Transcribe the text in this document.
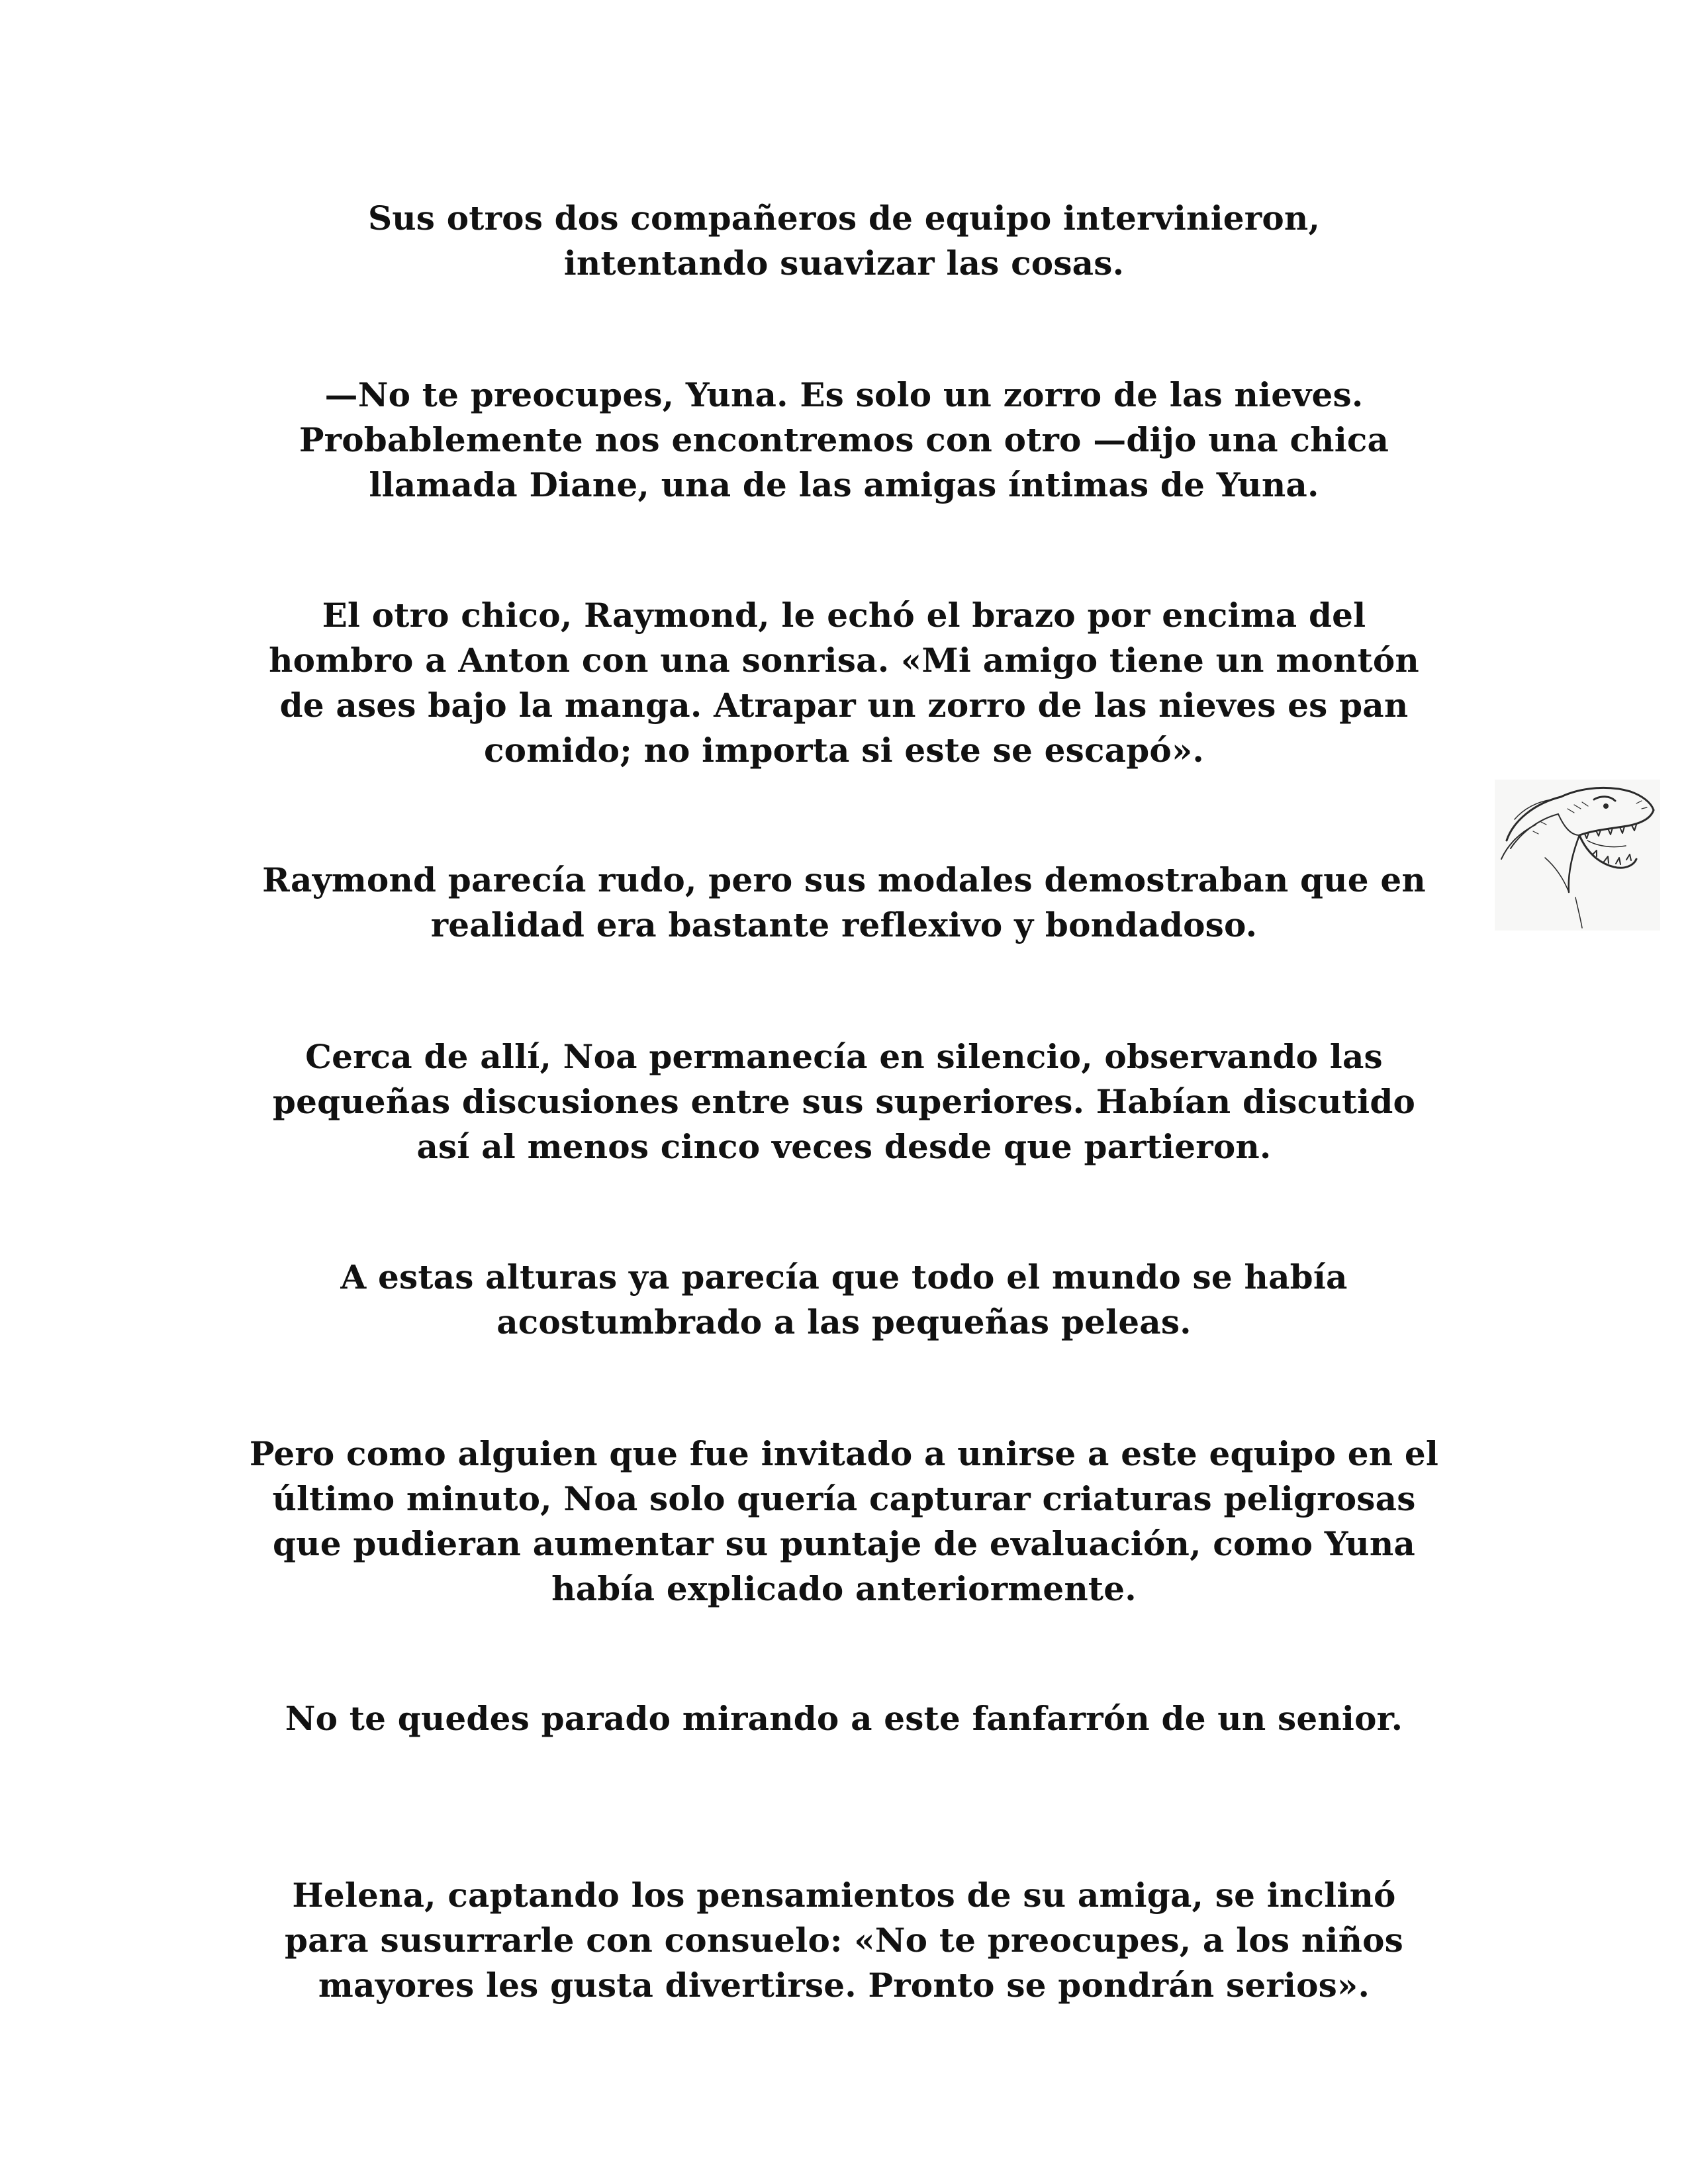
Sus otros dos compañeros de equipo intervinieron,
intentando suavizar las cosas.

—No te preocupes, Yuna. Es solo un zorro de las nieves.
Probablemente nos encontremos con otro —dijo una chica
llamada Diane, una de las amigas íntimas de Yuna.

El otro chico, Raymond, le echó el brazo por encima del
hombro a Anton con una sonrisa. «Mi amigo tiene un montón
de ases bajo la manga. Atrapar un zorro de las nieves es pan
comido; no importa si este se escapó».

Raymond parecía rudo, pero sus modales demostraban que en
realidad era bastante reflexivo y bondadoso.

Cerca de allí, Noa permanecía en silencio, observando las
pequeñas discusiones entre sus superiores. Habían discutido
así al menos cinco veces desde que partieron.

A estas alturas ya parecía que todo el mundo se había
acostumbrado a las pequeñas peleas.

Pero como alguien que fue invitado a unirse a este equipo en el
último minuto, Noa solo quería capturar criaturas peligrosas
que pudieran aumentar su puntaje de evaluación, como Yuna
había explicado anteriormente.

No te quedes parado mirando a este fanfarrón de un senior.

Helena, captando los pensamientos de su amiga, se inclinó
para susurrarle con consuelo: «No te preocupes, a los niños
mayores les gusta divertirse. Pronto se pondrán serios».
